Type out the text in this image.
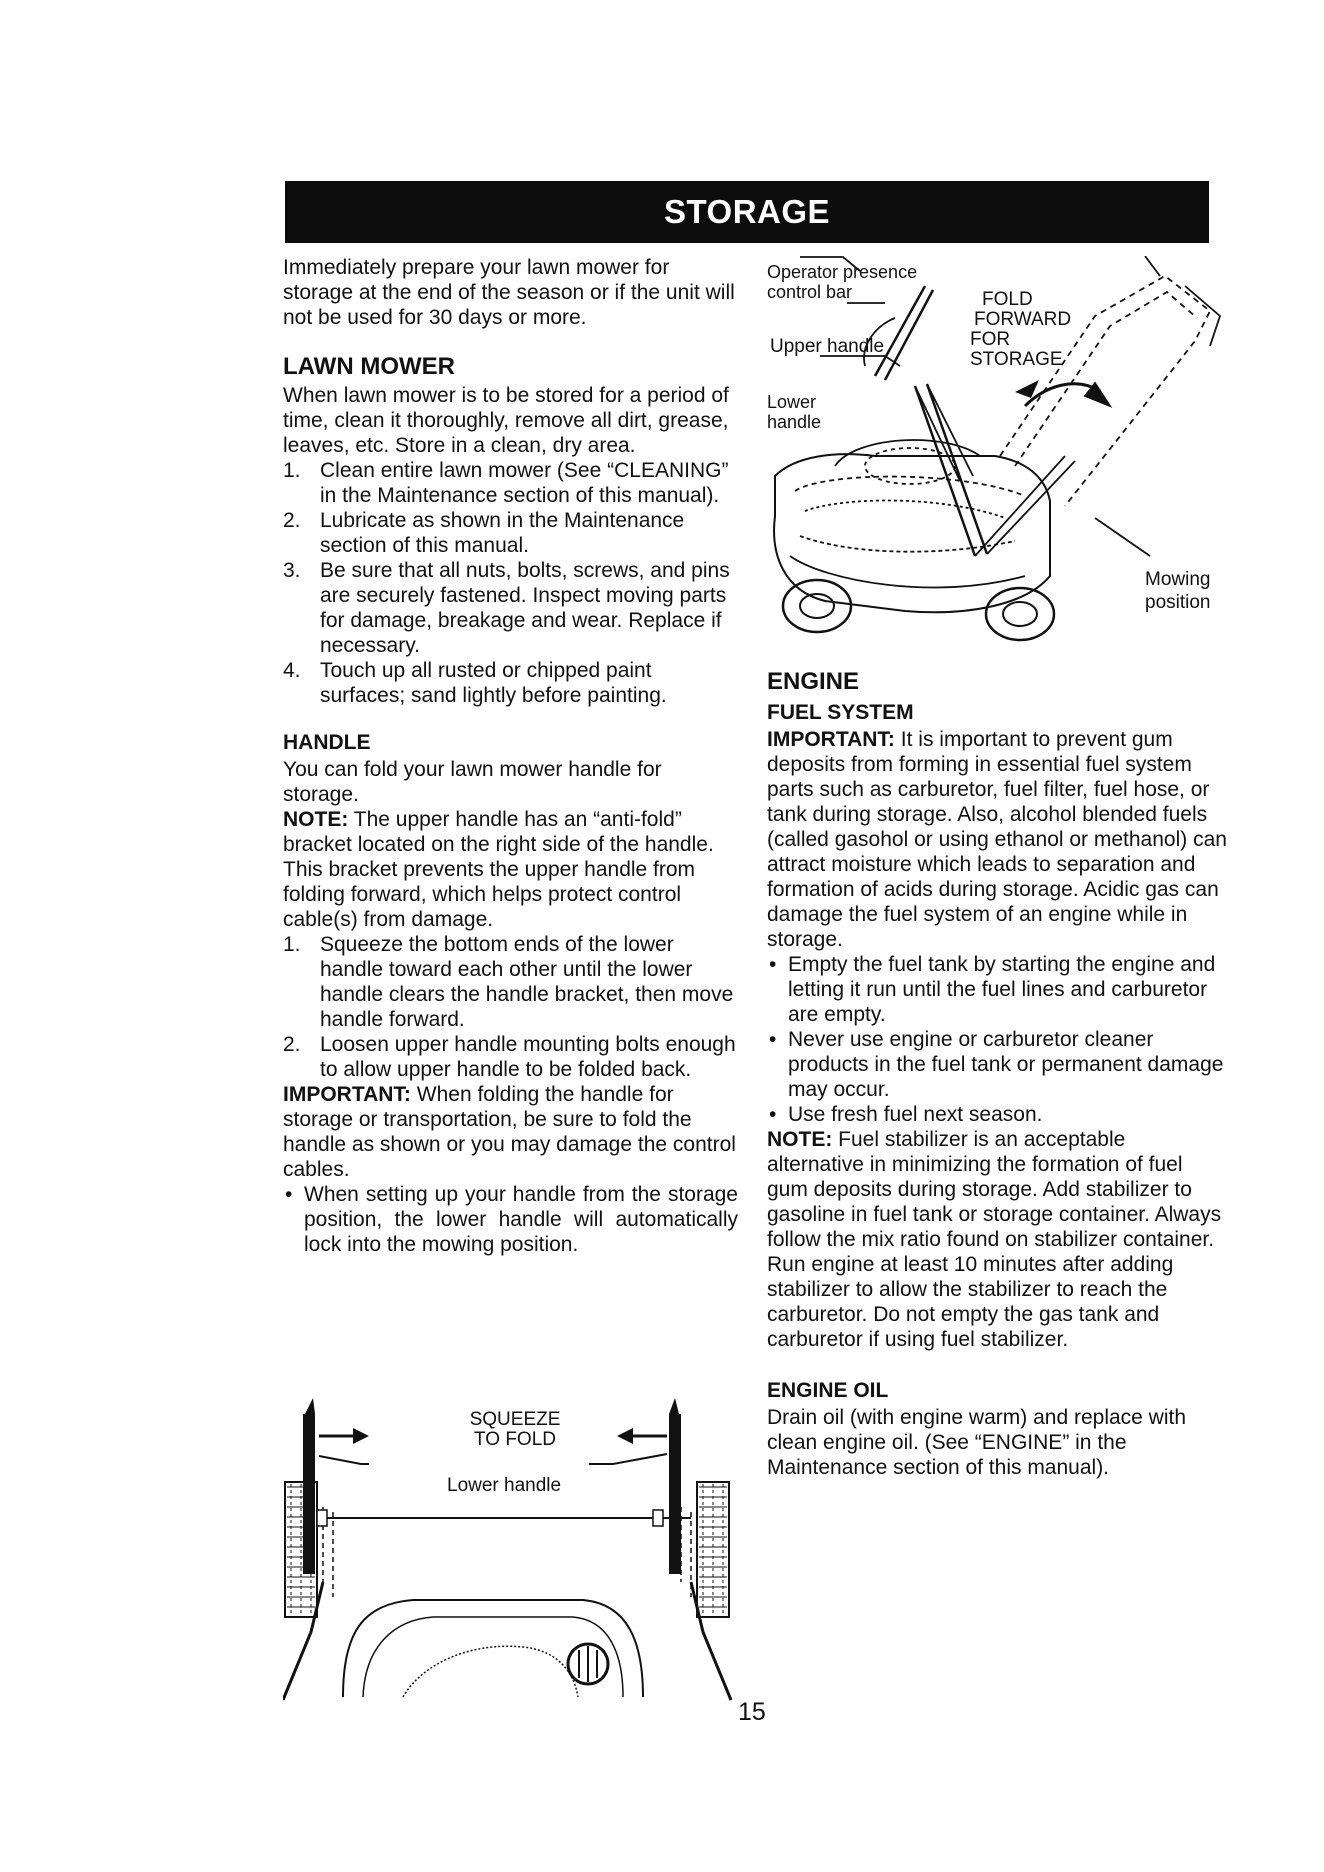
STORAGE

Immediately prepare your lawn mower for storage at the end of the season or if the unit will not be used for 30 days or more.

LAWN MOWER

When lawn mower is to be stored for a period of time, clean it thoroughly, remove all dirt, grease, leaves, etc. Store in a clean, dry area.

1. Clean entire lawn mower (See “CLEANING” in the Maintenance section of this manual).
2. Lubricate as shown in the Maintenance section of this manual.
3. Be sure that all nuts, bolts, screws, and pins are securely fastened. Inspect moving parts for damage, breakage and wear. Replace if necessary.
4. Touch up all rusted or chipped paint surfaces; sand lightly before painting.

HANDLE

You can fold your lawn mower handle for storage.

NOTE: The upper handle has an “anti-fold” bracket located on the right side of the handle. This bracket prevents the upper handle from folding forward, which helps protect control cable(s) from damage.

1. Squeeze the bottom ends of the lower handle toward each other until the lower handle clears the handle bracket, then move handle forward.
2. Loosen upper handle mounting bolts enough to allow upper handle to be folded back.

IMPORTANT: When folding the handle for storage or transportation, be sure to fold the handle as shown or you may damage the control cables.

• When setting up your handle from the storage position, the lower handle will automatically lock into the mowing position.
SQUEEZE
TO FOLD
Lower handle
Operator presence
control bar
Upper handle
Lower
handle
FOLD
FORWARD
FOR
STORAGE
Mowing
position

ENGINE

FUEL SYSTEM

IMPORTANT: It is important to prevent gum deposits from forming in essential fuel system parts such as carburetor, fuel filter, fuel hose, or tank during storage. Also, alcohol blended fuels (called gasohol or using ethanol or methanol) can attract moisture which leads to separation and formation of acids during storage. Acidic gas can damage the fuel system of an engine while in storage.

• Empty the fuel tank by starting the engine and letting it run until the fuel lines and carburetor are empty.
• Never use engine or carburetor cleaner products in the fuel tank or permanent damage may occur.
• Use fresh fuel next season.

NOTE: Fuel stabilizer is an acceptable alternative in minimizing the formation of fuel gum deposits during storage. Add stabilizer to gasoline in fuel tank or storage container. Always follow the mix ratio found on stabilizer container. Run engine at least 10 minutes after adding stabilizer to allow the stabilizer to reach the carburetor. Do not empty the gas tank and carburetor if using fuel stabilizer.

ENGINE OIL

Drain oil (with engine warm) and replace with clean engine oil. (See “ENGINE” in the Maintenance section of this manual).

15
